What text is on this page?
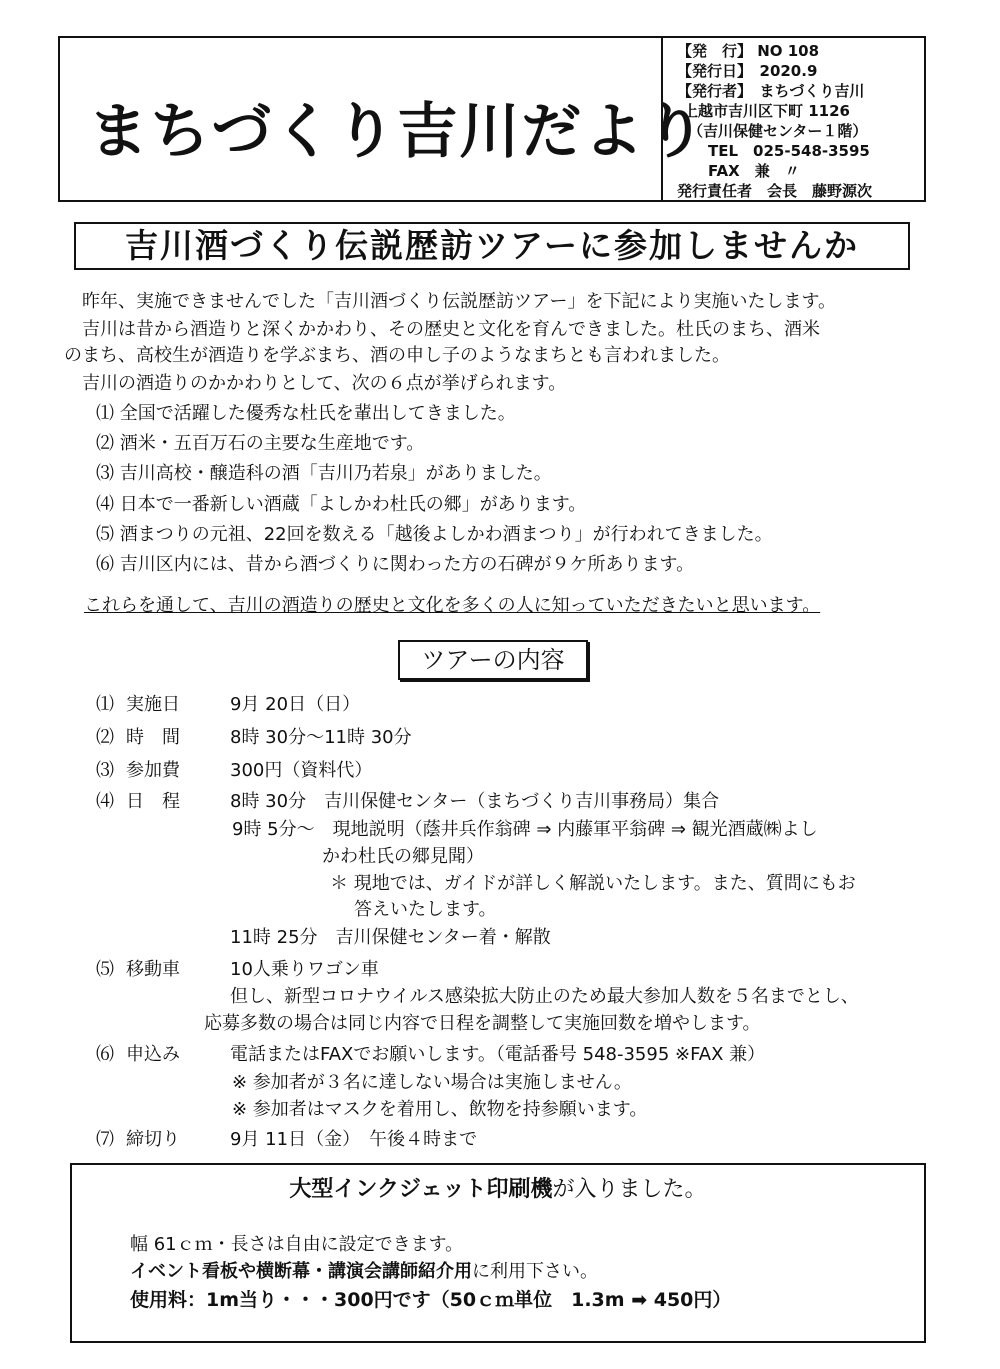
まちづくり吉川だより
【発　行】 NO 108
【発行日】　2020.9
【発行者】　まちづくり吉川
上越市吉川区下町 1126
（吉川保健センター１階）
TEL　025-548-3595
FAX　兼　〃
発行責任者　会長　藤野源次
吉川酒づくり伝説歴訪ツアーに参加しませんか
昨年、実施できませんでした「吉川酒づくり伝説歴訪ツアー」を下記により実施いたします。
吉川は昔から酒造りと深くかかわり、その歴史と文化を育んできました。杜氏のまち、酒米
のまち、高校生が酒造りを学ぶまち、酒の申し子のようなまちとも言われました。
吉川の酒造りのかかわりとして、次の６点が挙げられます。
⑴ 全国で活躍した優秀な杜氏を輩出してきました。
⑵ 酒米・五百万石の主要な生産地です。
⑶ 吉川高校・醸造科の酒「吉川乃若泉」がありました。
⑷ 日本で一番新しい酒蔵「よしかわ杜氏の郷」があります。
⑸ 酒まつりの元祖、22回を数える「越後よしかわ酒まつり」が行われてきました。
⑹ 吉川区内には、昔から酒づくりに関わった方の石碑が９ケ所あります。
これらを通して、吉川の酒造りの歴史と文化を多くの人に知っていただきたいと思います。
ツアーの内容
⑴ 実施日	9月 20日（日）
⑵ 時　間	8時 30分〜11時 30分
⑶ 参加費	300円（資料代）
⑷ 日　程	8時 30分　吉川保健センター（まちづくり吉川事務局）集合
9時 5分〜　現地説明（蔭井兵作翁碑 ⇒ 内藤軍平翁碑 ⇒ 観光酒蔵㈱よし
かわ杜氏の郷見聞）
＊ 現地では、ガイドが詳しく解説いたします。また、質問にもお
答えいたします。
11時 25分　吉川保健センター着・解散
⑸ 移動車	10人乗りワゴン車
但し、新型コロナウイルス感染拡大防止のため最大参加人数を５名までとし、
応募多数の場合は同じ内容で日程を調整して実施回数を増やします。
⑹ 申込み	電話またはFAXでお願いします。（電話番号 548-3595 ※FAX 兼）
※ 参加者が３名に達しない場合は実施しません。
※ 参加者はマスクを着用し、飲物を持参願います。
⑺ 締切り	9月 11日（金）　午後４時まで
大型インクジェット印刷機が入りました。
幅 61ｃｍ・長さは自由に設定できます。
イベント看板や横断幕・講演会講師紹介用に利用下さい。
使用料：1m当り・・・300円です（50ｃｍ単位　1.3m ➡ 450円）
